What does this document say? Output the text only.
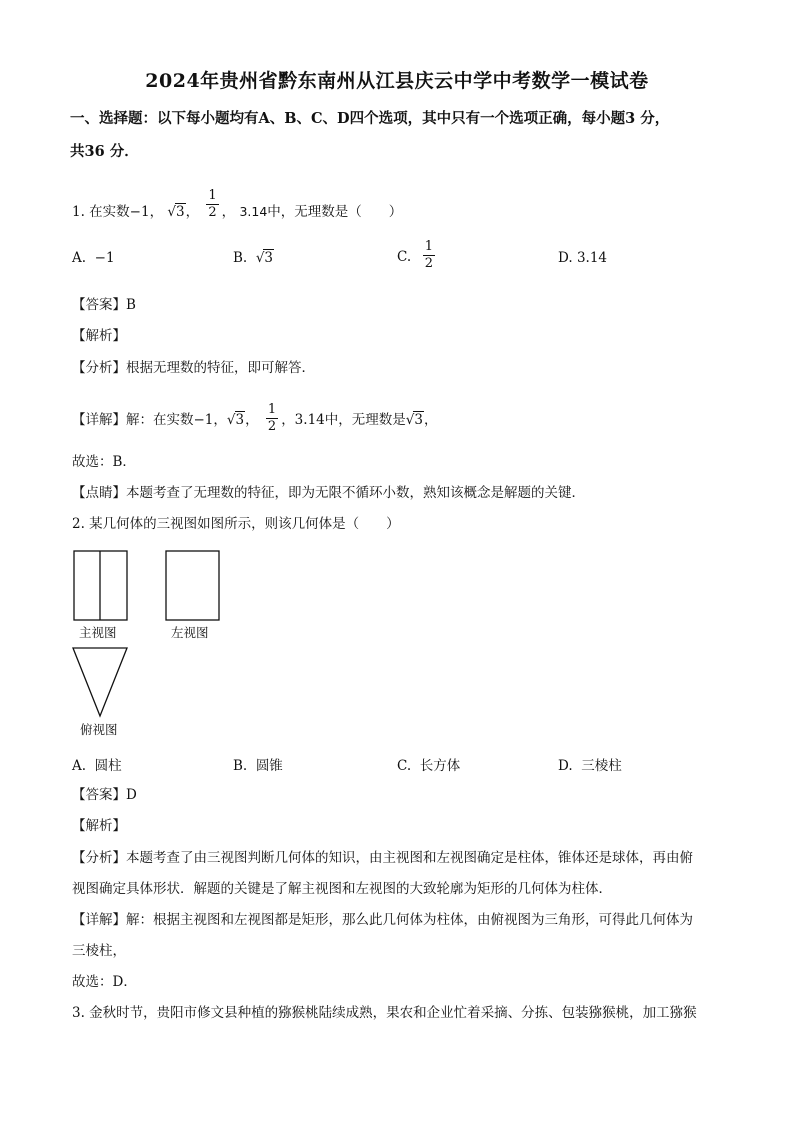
2024年贵州省黔东南州从江县庆云中学中考数学一模试卷
一、选择题：以下每小题均有A、B、C、D四个选项，其中只有一个选项正确，每小题3 分，
共36 分．
1. 在实数−1， √3， $\frac{1}{2}$ ， 3.14中，无理数是（　　）
A. −1	B. √3	C. $\frac{1}{2}$	D. 3.14
【答案】B
【解析】
【分析】根据无理数的特征，即可解答．
【详解】解：在实数−1，√3， $\frac{1}{2}$ ，3.14中，无理数是√3，
故选：B．
【点睛】本题考查了无理数的特征，即为无限不循环小数，熟知该概念是解题的关键．
2. 某几何体的三视图如图所示，则该几何体是（　　）
主视图	左视图
俯视图
A. 圆柱	B. 圆锥	C. 长方体	D. 三棱柱
【答案】D
【解析】
【分析】本题考查了由三视图判断几何体的知识，由主视图和左视图确定是柱体，锥体还是球体，再由俯
视图确定具体形状．解题的关键是了解主视图和左视图的大致轮廓为矩形的几何体为柱体．
【详解】解：根据主视图和左视图都是矩形，那么此几何体为柱体，由俯视图为三角形，可得此几何体为
三棱柱，
故选：D．
3. 金秋时节，贵阳市修文县种植的猕猴桃陆续成熟，果农和企业忙着采摘、分拣、包装猕猴桃，加工猕猴
